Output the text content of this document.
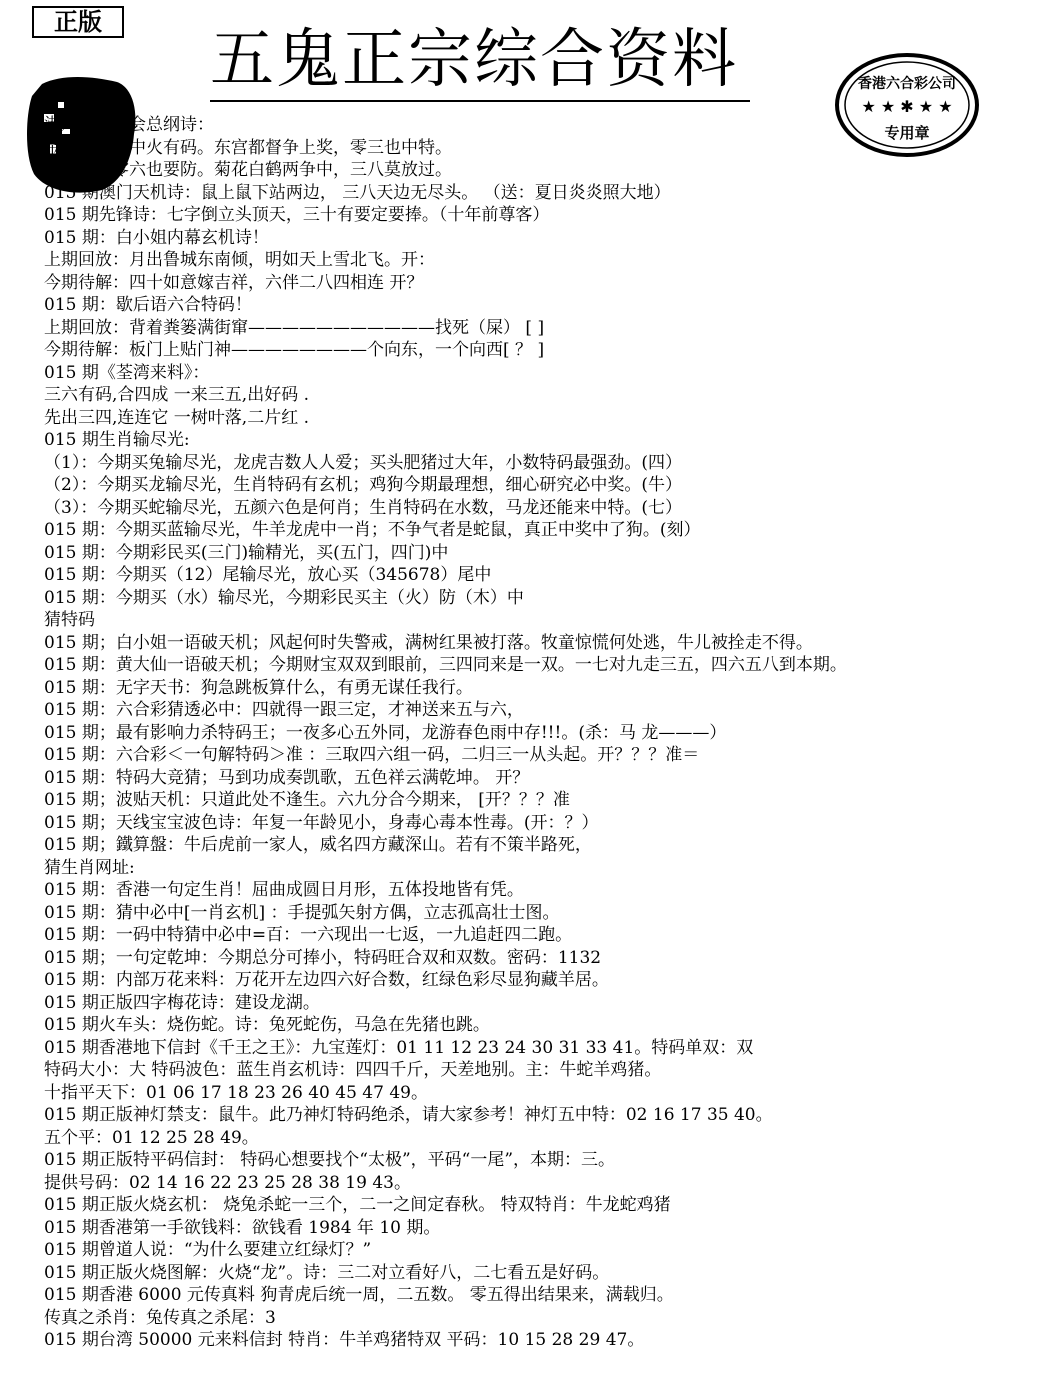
正版
五鬼正宗综合资料	香港六合彩公司
★ ★ ✱ ★ ★
专用章
港六合彩马会总纲诗：
金箔金，炉中火有码。东宫都督争上奖，零三也中特。
有希望，零六也要防。菊花白鹤两争中，三八莫放过。
015 期澳门天机诗：鼠上鼠下站两边， 三八天边无尽头。 （送：夏日炎炎照大地）
015 期先锋诗：七字倒立头顶天，三十有要定要捧。（十年前尊客）
015 期：白小姐内幕玄机诗！
上期回放：月出鲁城东南倾，明如天上雪北飞。开：
今期待解：四十如意嫁吉祥，六伴二八四相连 开？
015 期：歇后语六合特码！
上期回放：背着粪篓满街窜———————————找死（屎） [ ]
今期待解：板门上贴门神————————个向东，一个向西[ ？ ]
015 期《荃湾来料》：
三六有码,合四成 一来三五,出好码 .
先出三四,连连它 一树叶落,二片红 .
015 期生肖输尽光:
（1）：今期买兔输尽光，龙虎吉数人人爱；买头肥猪过大年，小数特码最强劲。(四）
（2）：今期买龙输尽光，生肖特码有玄机；鸡狗今期最理想，细心研究必中奖。(牛）
（3）：今期买蛇输尽光，五颜六色是何肖；生肖特码在水数，马龙还能来中特。(七）
015 期：今期买蓝输尽光，牛羊龙虎中一肖；不争气者是蛇鼠，真正中奖中了狗。(刻）
015 期：今期彩民买(三门)输精光，买(五门，四门)中
015 期：今期买（12）尾输尽光，放心买（345678）尾中
015 期：今期买（水）输尽光，今期彩民买主（火）防（木）中
猜特码
015 期；白小姐一语破天机；风起何时失警戒，满树红果被打落。牧童惊慌何处逃，牛儿被拴走不得。
015 期：黄大仙一语破天机；今期财宝双双到眼前，三四同来是一双。一七对九走三五，四六五八到本期。
015 期：无字天书：狗急跳板算什么，有勇无谋任我行。
015 期：六合彩猜透必中：四就得一跟三定，才神送来五与六，
015 期；最有影响力杀特码王；一夜多心五外同，龙游春色雨中存!!!。(杀：马 龙———）
015 期：六合彩＜一句解特码＞准 ：三取四六组一码，二归三一从头起。开？？？准＝
015 期：特码大竞猜；马到功成奏凯歌，五色祥云满乾坤。 开？
015 期；波贴天机：只道此处不逢生。六九分合今期来， [开？？？准
015 期；天线宝宝波色诗：年复一年龄见小，身毒心毒本性毒。(开：？）
015 期；鐵算盤：牛后虎前一家人，威名四方藏深山。若有不策半路死，
猜生肖网址:
015 期：香港一句定生肖！屈曲成圆日月形，五体投地皆有凭。
015 期：猜中必中[一肖玄机] ：手提弧矢射方偶，立志孤高壮士图。
015 期：一码中特猜中必中=百：一六现出一七返，一九追赶四二跑。
015 期；一句定乾坤：今期总分可捧小，特码旺合双和双数。密码：1132
015 期：内部万花来料：万花开左边四六好合数，红绿色彩尽显狗藏羊居。
015 期正版四字梅花诗：建设龙湖。
015 期火车头：烧伤蛇。诗：兔死蛇伤，马急在先猪也跳。
015 期香港地下信封《千王之王》：九宝莲灯：01 11 12 23 24 30 31 33 41。特码单双：双
特码大小：大 特码波色：蓝生肖玄机诗：四四千斤，天差地别。主：牛蛇羊鸡猪。
十指平天下：01 06 17 18 23 26 40 45 47 49。
015 期正版神灯禁支：鼠牛。此乃神灯特码绝杀，请大家参考！神灯五中特：02 16 17 35 40。
五个平：01 12 25 28 49。
015 期正版特平码信封： 特码心想要找个“太极”，平码“一尾”，本期：三。
提供号码：02 14 16 22 23 25 28 38 19 43。
015 期正版火烧玄机： 烧兔杀蛇一三个，二一之间定春秋。 特双特肖：牛龙蛇鸡猪
015 期香港第一手欲钱料：欲钱看 1984 年 10 期。
015 期曾道人说：“为什么要建立红绿灯？”
015 期正版火烧图解：火烧“龙”。诗：三二对立看好八，二七看五是好码。
015 期香港 6000 元传真料 狗青虎后统一周，二五数。 零五得出结果来，满载归。
传真之杀肖：兔传真之杀尾：3
015 期台湾 50000 元来料信封 特肖：牛羊鸡猪特双 平码：10 15 28 29 47。
